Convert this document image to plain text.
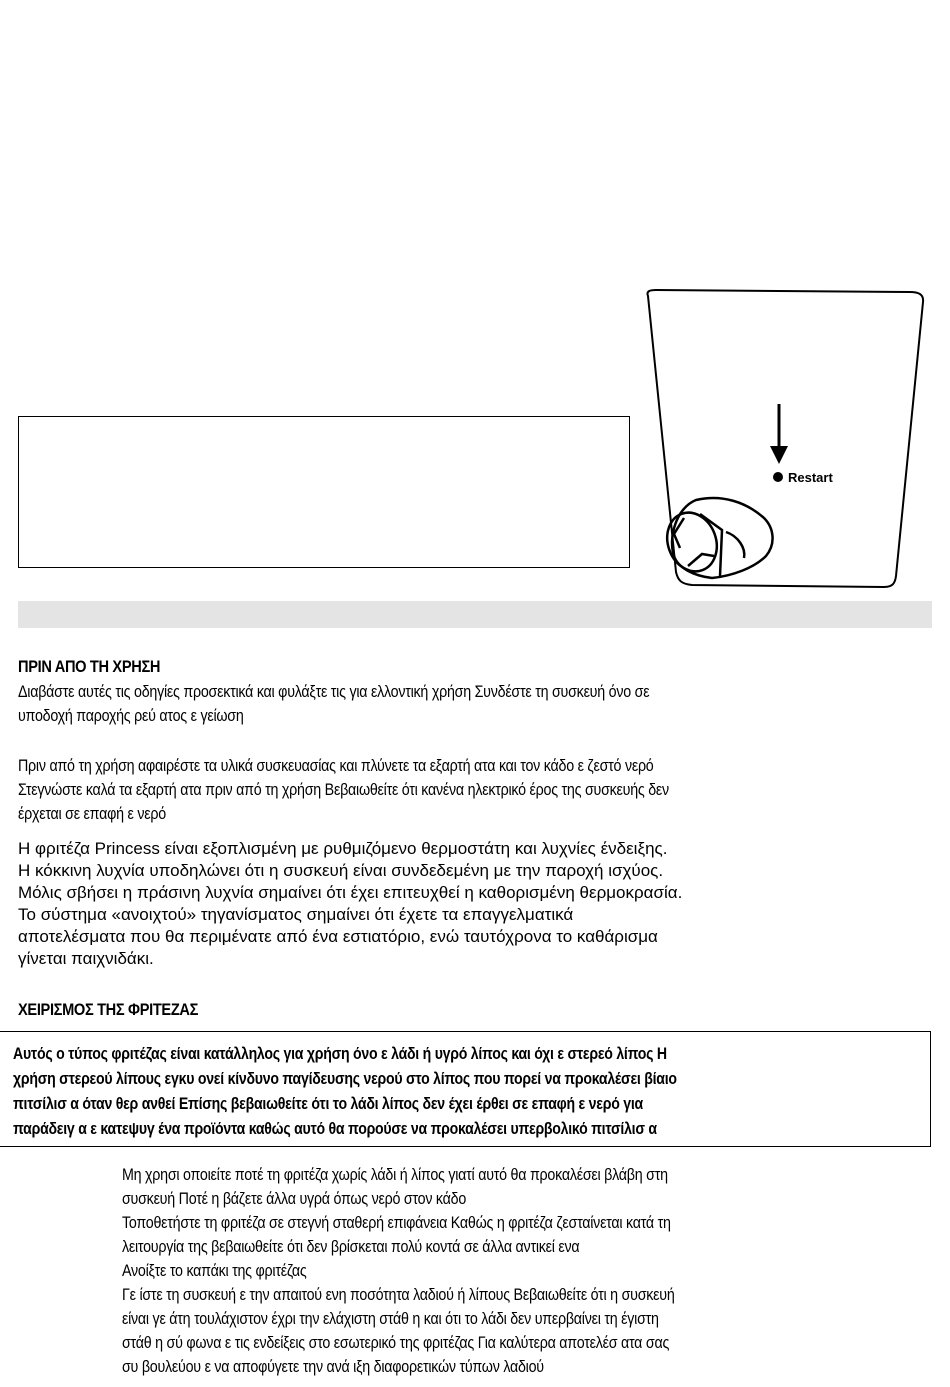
Restart
ΠΡΙΝ ΑΠΟ ΤΗ ΧΡΗΣΗ
Διαβάστε αυτές τις οδηγίες προσεκτικά και φυλάξτε τις για ελλοντική χρήση Συνδέστε τη συσκευή όνο σε
υποδοχή παροχής ρεύ ατος ε γείωση
Πριν από τη χρήση αφαιρέστε τα υλικά συσκευασίας και πλύνετε τα εξαρτή ατα και τον κάδο ε ζεστό νερό
Στεγνώστε καλά τα εξαρτή ατα πριν από τη χρήση Βεβαιωθείτε ότι κανένα ηλεκτρικό έρος της συσκευής δεν
έρχεται σε επαφή ε νερό
Η φριτέζα Princess είναι εξοπλισμένη με ρυθμιζόμενο θερμοστάτη και λυχνίες ένδειξης.
Η κόκκινη λυχνία υποδηλώνει ότι η συσκευή είναι συνδεδεμένη με την παροχή ισχύος.
Μόλις σβήσει η πράσινη λυχνία σημαίνει ότι έχει επιτευχθεί η καθορισμένη θερμοκρασία.
Το σύστημα «ανοιχτού» τηγανίσματος σημαίνει ότι έχετε τα επαγγελματικά
αποτελέσματα που θα περιμένατε από ένα εστιατόριο, ενώ ταυτόχρονα το καθάρισμα
γίνεται παιχνιδάκι.
ΧΕΙΡΙΣΜΟΣ ΤΗΣ ΦΡΙΤΕΖΑΣ
Αυτός ο τύπος φριτέζας είναι κατάλληλος για χρήση όνο ε λάδι ή υγρό λίπος και όχι ε στερεό λίπος Η
χρήση στερεού λίπους εγκυ ονεί κίνδυνο παγίδευσης νερού στο λίπος που πορεί να προκαλέσει βίαιο
πιτσίλισ α όταν θερ ανθεί Επίσης βεβαιωθείτε ότι το λάδι λίπος δεν έχει έρθει σε επαφή ε νερό για
παράδειγ α ε κατεψυγ ένα προϊόντα καθώς αυτό θα πορούσε να προκαλέσει υπερβολικό πιτσίλισ α
Μη χρησι οποιείτε ποτέ τη φριτέζα χωρίς λάδι ή λίπος γιατί αυτό θα προκαλέσει βλάβη στη
συσκευή Ποτέ η βάζετε άλλα υγρά όπως νερό στον κάδο
Τοποθετήστε τη φριτέζα σε στεγνή σταθερή επιφάνεια Καθώς η φριτέζα ζεσταίνεται κατά τη
λειτουργία της βεβαιωθείτε ότι δεν βρίσκεται πολύ κοντά σε άλλα αντικεί ενα
Ανοίξτε το καπάκι της φριτέζας
Γε ίστε τη συσκευή ε την απαιτού ενη ποσότητα λαδιού ή λίπους Βεβαιωθείτε ότι η συσκευή
είναι γε άτη τουλάχιστον έχρι την ελάχιστη στάθ η και ότι το λάδι δεν υπερβαίνει τη έγιστη
στάθ η σύ φωνα ε τις ενδείξεις στο εσωτερικό της φριτέζας Για καλύτερα αποτελέσ ατα σας
συ βουλεύου ε να αποφύγετε την ανά ιξη διαφορετικών τύπων λαδιού
